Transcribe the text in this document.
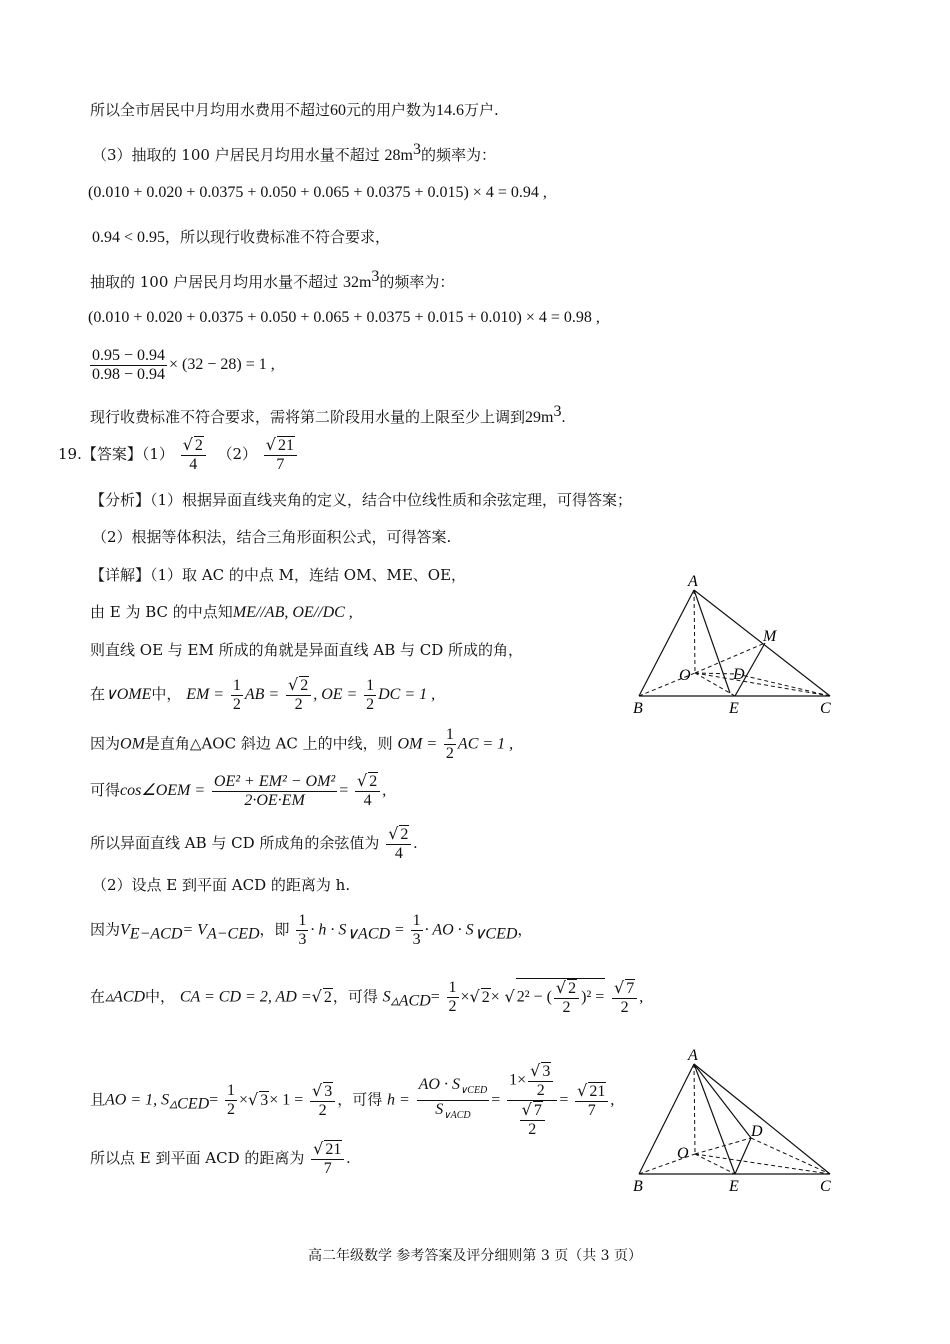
所以全市居民中月均用水费用不超过60元的用户数为14.6万户.
（3）抽取的 100 户居民月均用水量不超过 $28m^3$的频率为：
(0.010 + 0.020 + 0.0375 + 0.050 + 0.065 + 0.0375 + 0.015) × 4 = 0.94 ,
0.94 < 0.95，所以现行收费标准不符合要求，
抽取的 100 户居民月均用水量不超过 $32m^3$的频率为：
(0.010 + 0.020 + 0.0375 + 0.050 + 0.065 + 0.0375 + 0.015 + 0.010) × 4 = 0.98 ,
$\frac{0.95 - 0.94}{0.98 - 0.94} \times (32 - 28) = 1$ ,
现行收费标准不符合要求，需将第二阶段用水量的上限至少上调到$29m^3$.
19.【答案】$(1) \frac{√ 2}{4} (2) \frac{√ 21}{7}$
【分析】（1）根据异面直线夹角的定义，结合中位线性质和余弦定理，可得答案；
（2）根据等体积法，结合三角形面积公式，可得答案.
【详解】（1）取 AC 的中点 M，连结 OM、ME、OE，
由 E 为 BC 的中点知ME//AB, OE//DC ,
则直线 OE 与 EM 所成的角就是异面直线 AB 与 CD 所成的角，
在∨OME中， EM = $\frac{1}{2}$ AB = $\frac{√ 2}{2}$ , OE = $\frac{1}{2}$ DC = 1 ,
因为OM是直角△AOC 斜边 AC 上的中线，则 OM = $\frac{1}{2}$ AC = 1 ,
可得cos∠OEM = $\frac{\text{OE² + EM² − OM²}}{2\cdot OE\cdot EM} = \frac{√ 2}{4}$ ,
所以异面直线 AB 与 CD 所成角的余弦值为 $\frac{√ 2}{4}$ .
（2）设点 E 到平面 ACD 的距离为 h.
因为$V_{E-ACD}= V_{A-CED}$，即 $\frac{1}{3} \cdot h \cdot S_{\vee ACD} = \frac{1}{3}$ · AO · $S_{\vee CED}$，
在▵ACD中， CA = CD = 2, AD =√ 2，可得 $S_{▵ACD}= \frac{1}{2}$ ×√ 2× √ 2² − ( $\frac{√ 2}{2} )^2 = \frac{√ 7}{2}$ ,
且AO = 1, $S_{▵CED}= \frac{1}{2}$ ×√ $3\times 1 = \frac{√ 3}{2}$ ，可得 $h = \frac{AO \cdot S_{\vee CED}}{S_{\vee ACD}} = \frac{1\times \frac{√ 3}{2}}{\frac{√ 7}{2}} = \frac{√ 21}{7}$ ,
所以点 E 到平面 ACD 的距离为 $\frac{√ 21}{7}$ .
A
B	C
D
E
M
O
A
B	C
D
E
O
高二年级数学 参考答案及评分细则第 3 页（共 3 页）
